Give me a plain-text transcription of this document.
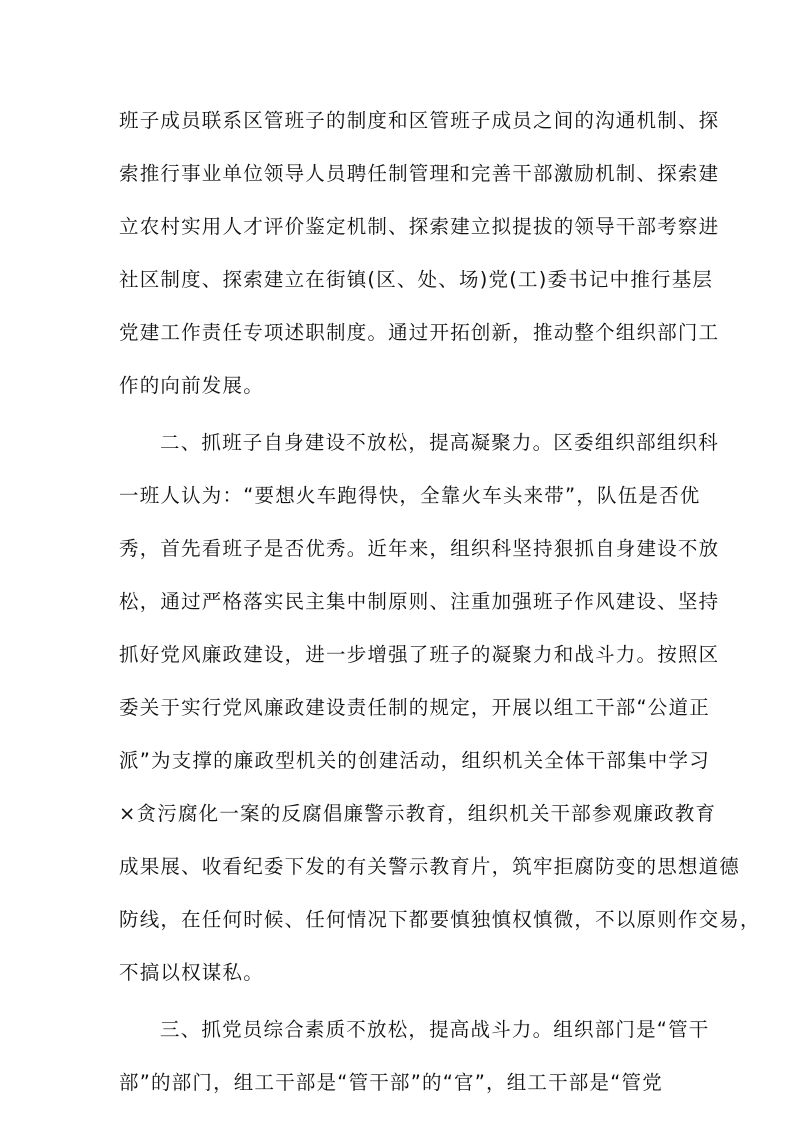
班子成员联系区管班子的制度和区管班子成员之间的沟通机制、探
索推行事业单位领导人员聘任制管理和完善干部激励机制、探索建
立农村实用人才评价鉴定机制、探索建立拟提拔的领导干部考察进
社区制度、探索建立在街镇(区、处、场)党(工)委书记中推行基层
党建工作责任专项述职制度。通过开拓创新，推动整个组织部门工
作的向前发展。
二、抓班子自身建设不放松，提高凝聚力。区委组织部组织科
一班人认为：“要想火车跑得快，全靠火车头来带”，队伍是否优
秀，首先看班子是否优秀。近年来，组织科坚持狠抓自身建设不放
松，通过严格落实民主集中制原则、注重加强班子作风建设、坚持
抓好党风廉政建设，进一步增强了班子的凝聚力和战斗力。按照区
委关于实行党风廉政建设责任制的规定，开展以组工干部“公道正
派”为支撑的廉政型机关的创建活动，组织机关全体干部集中学习
×贪污腐化一案的反腐倡廉警示教育，组织机关干部参观廉政教育
成果展、收看纪委下发的有关警示教育片，筑牢拒腐防变的思想道德
防线，在任何时候、任何情况下都要慎独慎权慎微，不以原则作交易，
不搞以权谋私。
三、抓党员综合素质不放松，提高战斗力。组织部门是“管干
部”的部门，组工干部是“管干部”的“官”，组工干部是“管党
